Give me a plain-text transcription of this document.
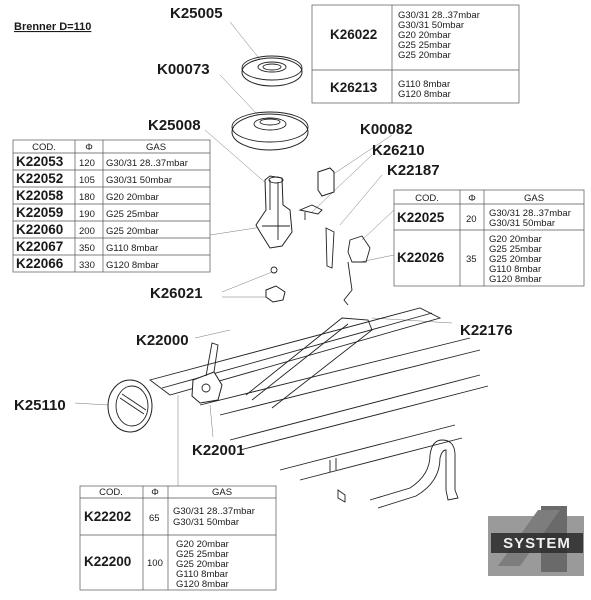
Brenner D=110	K26022
G30/31 28..37mbar
G30/31 50mbar
G20 20mbar
G25 25mbar
G25 20mbar
K26213 G110 8mbar
G120 8mbar
COD.	Φ	GAS
K22053 120 G30/31 28..37mbar
K22052 105 G30/31 50mbar
K22058 180 G20 20mbar
K22059 190 G25 25mbar
K22060 200 G25 20mbar
K22067 350 G110 8mbar
K22066 330 G120 8mbar
COD.	Φ	GAS
K22025 20
G30/31 28..37mbar
G30/31 50mbar
K22026 35
G20 20mbar
G25 25mbar
G25 20mbar
G110 8mbar
G120 8mbar
COD.	Φ	GAS
K22202 65
G30/31 28..37mbar
G30/31 50mbar
K22200 100
G20 20mbar
G25 25mbar
G25 20mbar
G110 8mbar
G120 8mbar
K25005
K00073
K25008	K00082
K26210
K22187
K26021
K22000
K22176
K25110
K22001
SYSTEM
